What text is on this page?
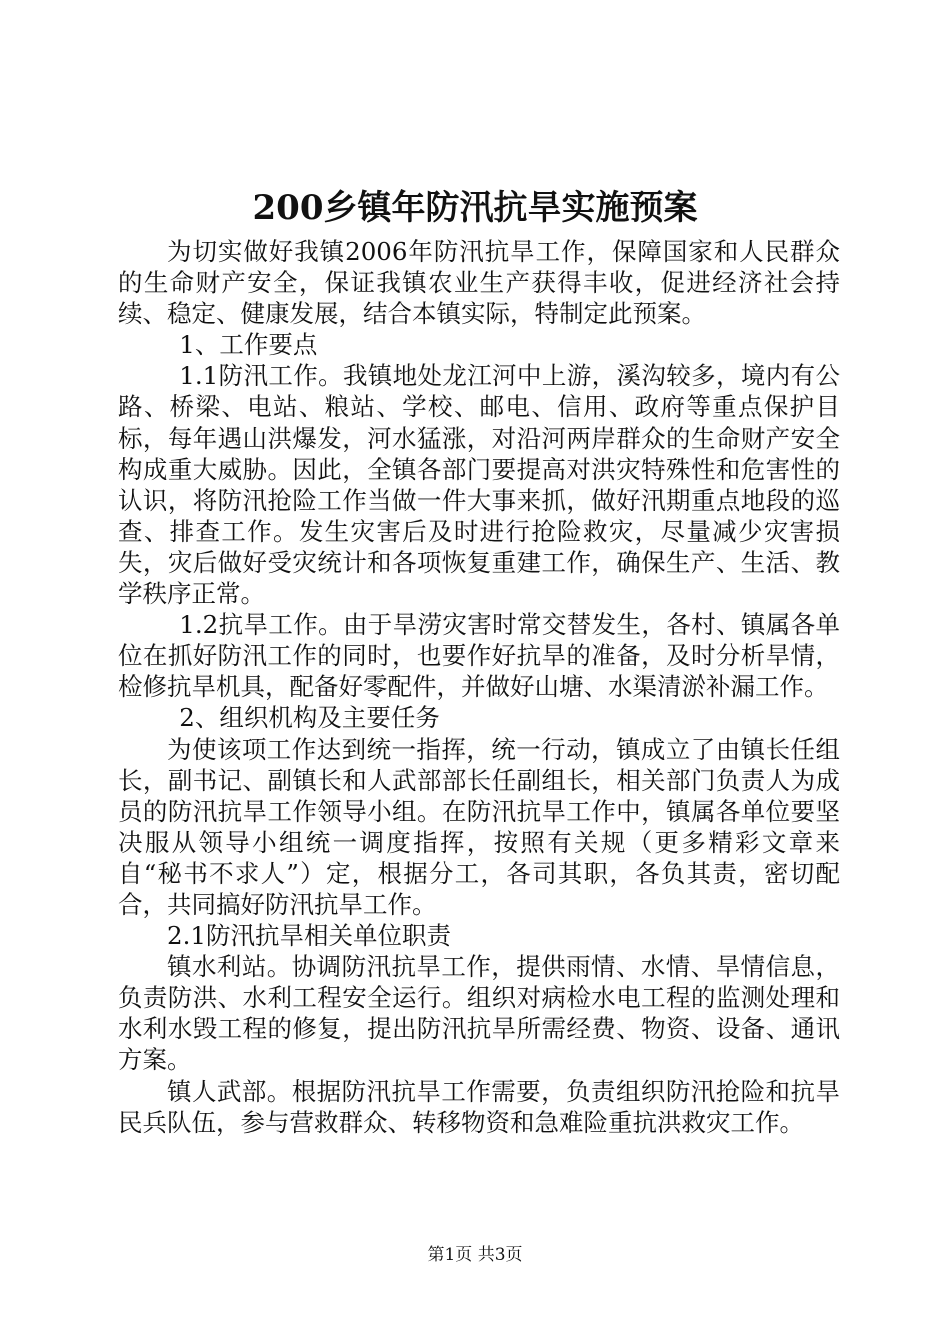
200乡镇年防汛抗旱实施预案

为切实做好我镇2006年防汛抗旱工作，保障国家和人民群众的生命财产安全，保证我镇农业生产获得丰收，促进经济社会持续、稳定、健康发展，结合本镇实际，特制定此预案。

1、工作要点

1.1防汛工作。我镇地处龙江河中上游，溪沟较多，境内有公路、桥梁、电站、粮站、学校、邮电、信用、政府等重点保护目标，每年遇山洪爆发，河水猛涨，对沿河两岸群众的生命财产安全构成重大威胁。因此，全镇各部门要提高对洪灾特殊性和危害性的认识，将防汛抢险工作当做一件大事来抓，做好汛期重点地段的巡查、排查工作。发生灾害后及时进行抢险救灾，尽量减少灾害损失，灾后做好受灾统计和各项恢复重建工作，确保生产、生活、教学秩序正常。

1.2抗旱工作。由于旱涝灾害时常交替发生，各村、镇属各单位在抓好防汛工作的同时，也要作好抗旱的准备，及时分析旱情，检修抗旱机具，配备好零配件，并做好山塘、水渠清淤补漏工作。

2、组织机构及主要任务

为使该项工作达到统一指挥，统一行动，镇成立了由镇长任组长，副书记、副镇长和人武部部长任副组长，相关部门负责人为成员的防汛抗旱工作领导小组。在防汛抗旱工作中，镇属各单位要坚决服从领导小组统一调度指挥，按照有关规（更多精彩文章来自“秘书不求人”）定，根据分工，各司其职，各负其责，密切配合，共同搞好防汛抗旱工作。

2.1防汛抗旱相关单位职责

镇水利站。协调防汛抗旱工作，提供雨情、水情、旱情信息，负责防洪、水利工程安全运行。组织对病检水电工程的监测处理和水利水毁工程的修复，提出防汛抗旱所需经费、物资、设备、通讯方案。

镇人武部。根据防汛抗旱工作需要，负责组织防汛抢险和抗旱民兵队伍，参与营救群众、转移物资和急难险重抗洪救灾工作。

第1页 共3页
